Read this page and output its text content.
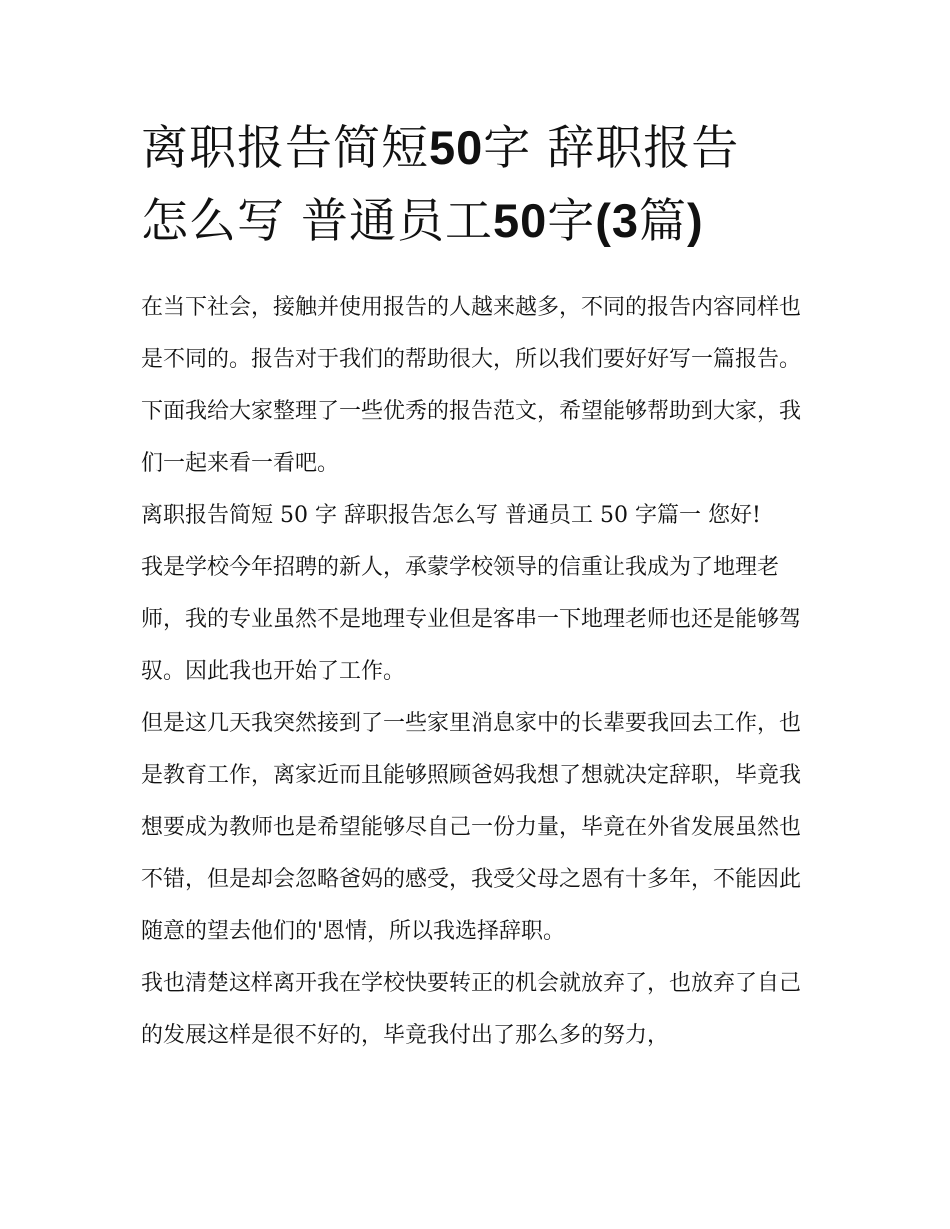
离职报告简短50字 辞职报告
怎么写 普通员工50字(3篇)

在当下社会，接触并使用报告的人越来越多，不同的报告内容同样也是不同的。报告对于我们的帮助很大，所以我们要好好写一篇报告。下面我给大家整理了一些优秀的报告范文，希望能够帮助到大家，我们一起来看一看吧。

离职报告简短 50 字 辞职报告怎么写 普通员工 50 字篇一 您好!

我是学校今年招聘的新人，承蒙学校领导的信重让我成为了地理老师，我的专业虽然不是地理专业但是客串一下地理老师也还是能够驾驭。因此我也开始了工作。

但是这几天我突然接到了一些家里消息家中的长辈要我回去工作，也是教育工作，离家近而且能够照顾爸妈我想了想就决定辞职，毕竟我想要成为教师也是希望能够尽自己一份力量，毕竟在外省发展虽然也不错，但是却会忽略爸妈的感受，我受父母之恩有十多年，不能因此随意的望去他们的'恩情，所以我选择辞职。

我也清楚这样离开我在学校快要转正的机会就放弃了，也放弃了自己的发展这样是很不好的，毕竟我付出了那么多的努力，
